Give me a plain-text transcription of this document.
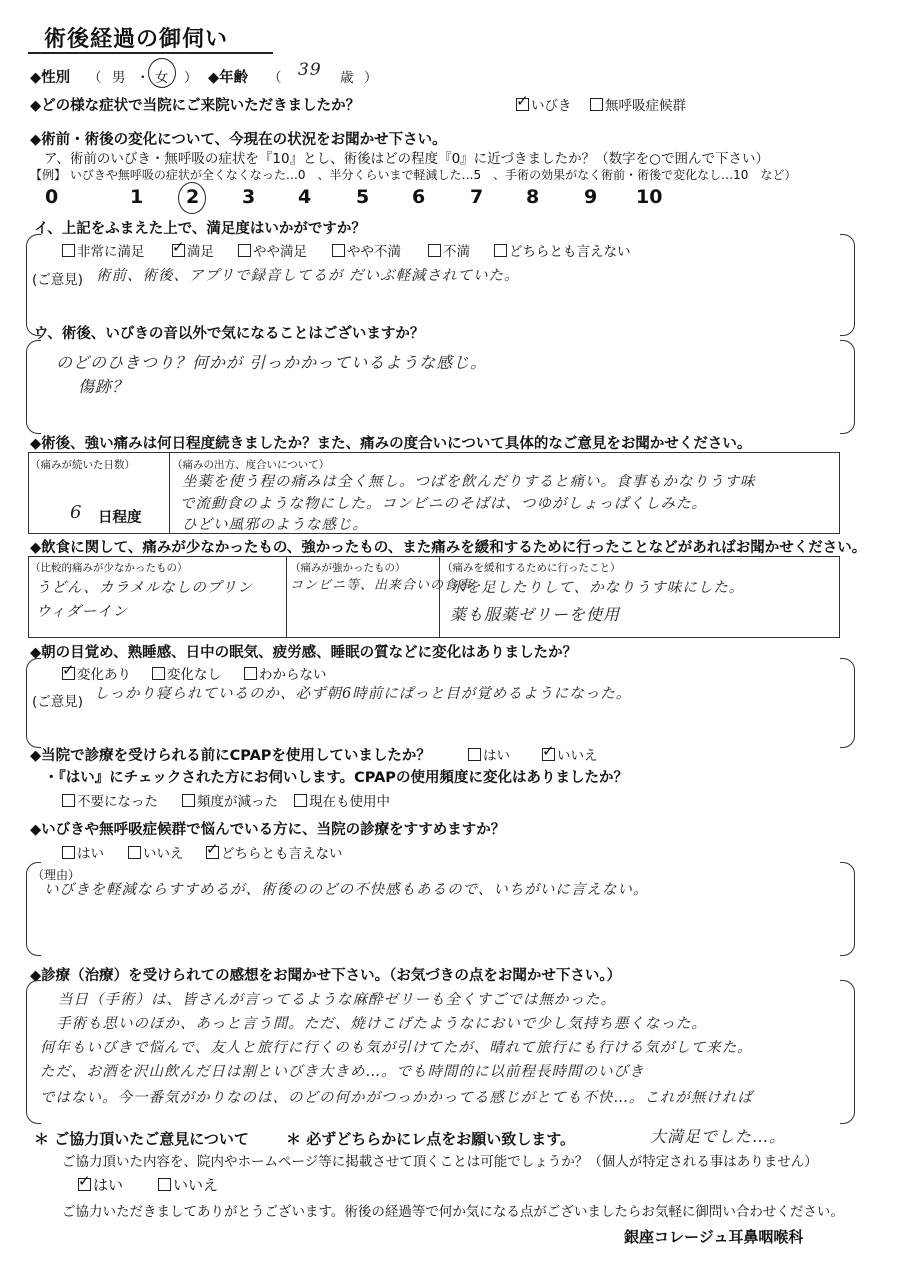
術後経過の御伺い
◆性別 （ 男 ・ 女 ） ◆年齢 （ 39 歳 ）
◆どの様な症状で当院にご来院いただきましたか？ ✓	いびき	無呼吸症候群
◆術前・術後の変化について、今現在の状況をお聞かせ下さい。
ア、術前のいびき・無呼吸の症状を『10』とし、術後はどの程度『0』に近づきましたか？（数字を○で囲んで下さい）
【例】 いびきや無呼吸の症状が全くなくなった…0　、半分くらいまで軽減した…5　、手術の効果がなく術前・術後で変化なし…10　など）
0	1 2 3 4 5 6 7 8 9 10
イ、上記をふまえた上で、満足度はいかがですか？
非常に満足 ✓	満足	やや満足	やや不満	不満	どちらとも言えない
(ご意見) 術前、術後、アプリで録音してるが だいぶ軽減されていた。
ウ、術後、いびきの音以外で気になることはございますか？
のどのひきつり？何かが 引っかかっているような感じ。
傷跡？
◆術後、強い痛みは何日程度続きましたか？また、痛みの度合いについて具体的なご意見をお聞かせください。
（痛みが続いた日数）
6 日程度
（痛みの出方、度合いについて）
坐薬を使う程の痛みは全く無し。つばを飲んだりすると痛い。食事もかなりうす味
で流動食のような物にした。コンビニのそばは、つゆがしょっぱくしみた。
ひどい風邪のような感じ。
◆飲食に関して、痛みが少なかったもの、強かったもの、また痛みを緩和するために行ったことなどがあればお聞かせください。
（比較的痛みが少なかったもの）
うどん、カラメルなしのプリン
ウィダーイン
（痛みが強かったもの）
コンビニ等、出来合いの食事
（痛みを緩和するために行ったこと）
水を足したりして、かなりうす味にした。
薬も服薬ゼリーを使用
◆朝の目覚め、熟睡感、日中の眠気、疲労感、睡眠の質などに変化はありましたか？
✓変化あり	変化なし	わからない
(ご意見) しっかり寝られているのか、必ず朝6時前にぱっと目が覚めるようになった。
◆当院で診療を受けられる前にCPAPを使用していましたか？	はい ✓	いいえ
・『はい』にチェックされた方にお伺いします。CPAPの使用頻度に変化はありましたか？
不要になった	頻度が減った	現在も使用中
◆いびきや無呼吸症候群で悩んでいる方に、当院の診療をすすめますか？
はい	いいえ ✓	どちらとも言えない
（理由）
いびきを軽減ならすすめるが、術後ののどの不快感もあるので、いちがいに言えない。
◆診療（治療）を受けられての感想をお聞かせ下さい。（お気づきの点をお聞かせ下さい。）
当日（手術）は、皆さんが言ってるような麻酔ゼリーも全くすごでは無かった。
手術も思いのほか、あっと言う間。ただ、焼けこげたようなにおいで少し気持ち悪くなった。
何年もいびきで悩んで、友人と旅行に行くのも気が引けてたが、晴れて旅行にも行ける気がして来た。
ただ、お酒を沢山飲んだ日は割といびき大きめ…。でも時間的に以前程長時間のいびき
ではない。今一番気がかりなのは、のどの何かがつっかかってる感じがとても不快…。これが無ければ
大満足でした…。
＊ ご協力頂いたご意見について ＊ 必ずどちらかにレ点をお願い致します。
ご協力頂いた内容を、院内やホームページ等に掲載させて頂くことは可能でしょうか？（個人が特定される事はありません）
✓はい	いいえ
ご協力いただきましてありがとうございます。術後の経過等で何か気になる点がございましたらお気軽に御問い合わせください。
銀座コレージュ耳鼻咽喉科
